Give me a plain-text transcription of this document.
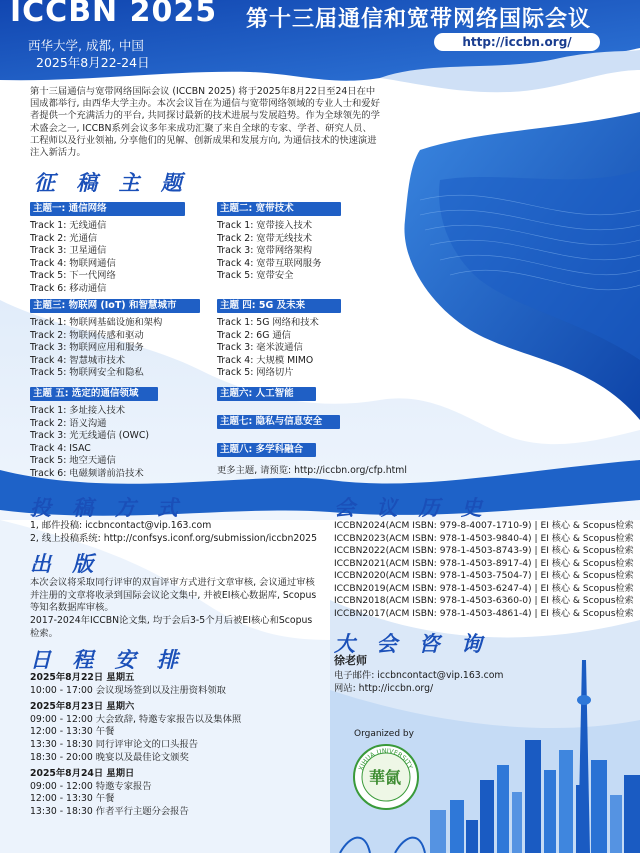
ICCBN 2025 第十三届通信和宽带网络国际会议
西华大学, 成都, 中国
2025年8月22-24日
http://iccbn.org/
第十三届通信与宽带网络国际会议 (ICCBN 2025) 将于2025年8月22日至24日在中国成都举行, 由西华大学主办。本次会议旨在为通信与宽带网络领域的专业人士和爱好者提供一个充满活力的平台, 共同探讨最新的技术进展与发展趋势。作为全球领先的学术盛会之一, ICCBN系列会议多年来成功汇聚了来自全球的专家、学者、研究人员、工程师以及行业领袖, 分享他们的见解、创新成果和发展方向, 为通信技术的快速演进注入新活力。
征 稿 主 题
主题一: 通信网络
Track 1: 无线通信
Track 2: 光通信
Track 3: 卫星通信
Track 4: 物联网通信
Track 5: 下一代网络
Track 6: 移动通信
主题二: 宽带技术
Track 1: 宽带接入技术
Track 2: 宽带无线技术
Track 3: 宽带网络架构
Track 4: 宽带互联网服务
Track 5: 宽带安全
主题三: 物联网 (IoT) 和智慧城市
Track 1: 物联网基础设施和架构
Track 2: 物联网传感和驱动
Track 3: 物联网应用和服务
Track 4: 智慧城市技术
Track 5: 物联网安全和隐私
主题 四: 5G 及未来
Track 1: 5G 网络和技术
Track 2: 6G 通信
Track 3: 毫米波通信
Track 4: 大规模 MIMO
Track 5: 网络切片
主题 五: 选定的通信领域
Track 1: 多址接入技术
Track 2: 语义沟通
Track 3: 光无线通信 (OWC)
Track 4: ISAC
Track 5: 地空天通信
Track 6: 电磁频谱前沿技术
主题六: 人工智能
主题七: 隐私与信息安全
主题八: 多学科融合
更多主题, 请预览: http://iccbn.org/cfp.html
投 稿 方 式
1, 邮件投稿: iccbncontact@vip.163.com
2, 线上投稿系统: http://confsys.iconf.org/submission/iccbn2025
出 版
本次会议将采取同行评审的双盲评审方式进行文章审核, 会议通过审核并注册的文章将收录到国际会议论文集中, 并被EI核心数据库, Scopus等知名数据库审核。
2017-2024年ICCBN论文集, 均于会后3-5个月后被EI核心和Scopus检索。
日 程 安 排
2025年8月22日 星期五
10:00 - 17:00 会议现场签到以及注册资料领取
2025年8月23日 星期六
09:00 - 12:00 大会致辞, 特邀专家报告以及集体照
12:00 - 13:30 午餐
13:30 - 18:30 同行评审论文的口头报告
18:30 - 20:00 晚宴以及最佳论文颁奖
2025年8月24日 星期日
09:00 - 12:00 特邀专家报告
12:00 - 13:30 午餐
13:30 - 18:30 作者平行主题分会报告
会 议 历 史
ICCBN2024(ACM ISBN: 979-8-4007-1710-9) | EI 核心 & Scopus检索
ICCBN2023(ACM ISBN: 978-1-4503-9840-4) | EI 核心 & Scopus检索
ICCBN2022(ACM ISBN: 978-1-4503-8743-9) | EI 核心 & Scopus检索
ICCBN2021(ACM ISBN: 978-1-4503-8917-4) | EI 核心 & Scopus检索
ICCBN2020(ACM ISBN: 978-1-4503-7504-7) | EI 核心 & Scopus检索
ICCBN2019(ACM ISBN: 978-1-4503-6247-4) | EI 核心 & Scopus检索
ICCBN2018(ACM ISBN: 978-1-4503-6360-0) | EI 核心 & Scopus检索
ICCBN2017(ACM ISBN: 978-1-4503-4861-4) | EI 核心 & Scopus检索
大 会 咨 询
徐老师
电子邮件: iccbncontact@vip.163.com
网站: http://iccbn.org/
Organized by
XIHUA UNIVERSITY
華氤
